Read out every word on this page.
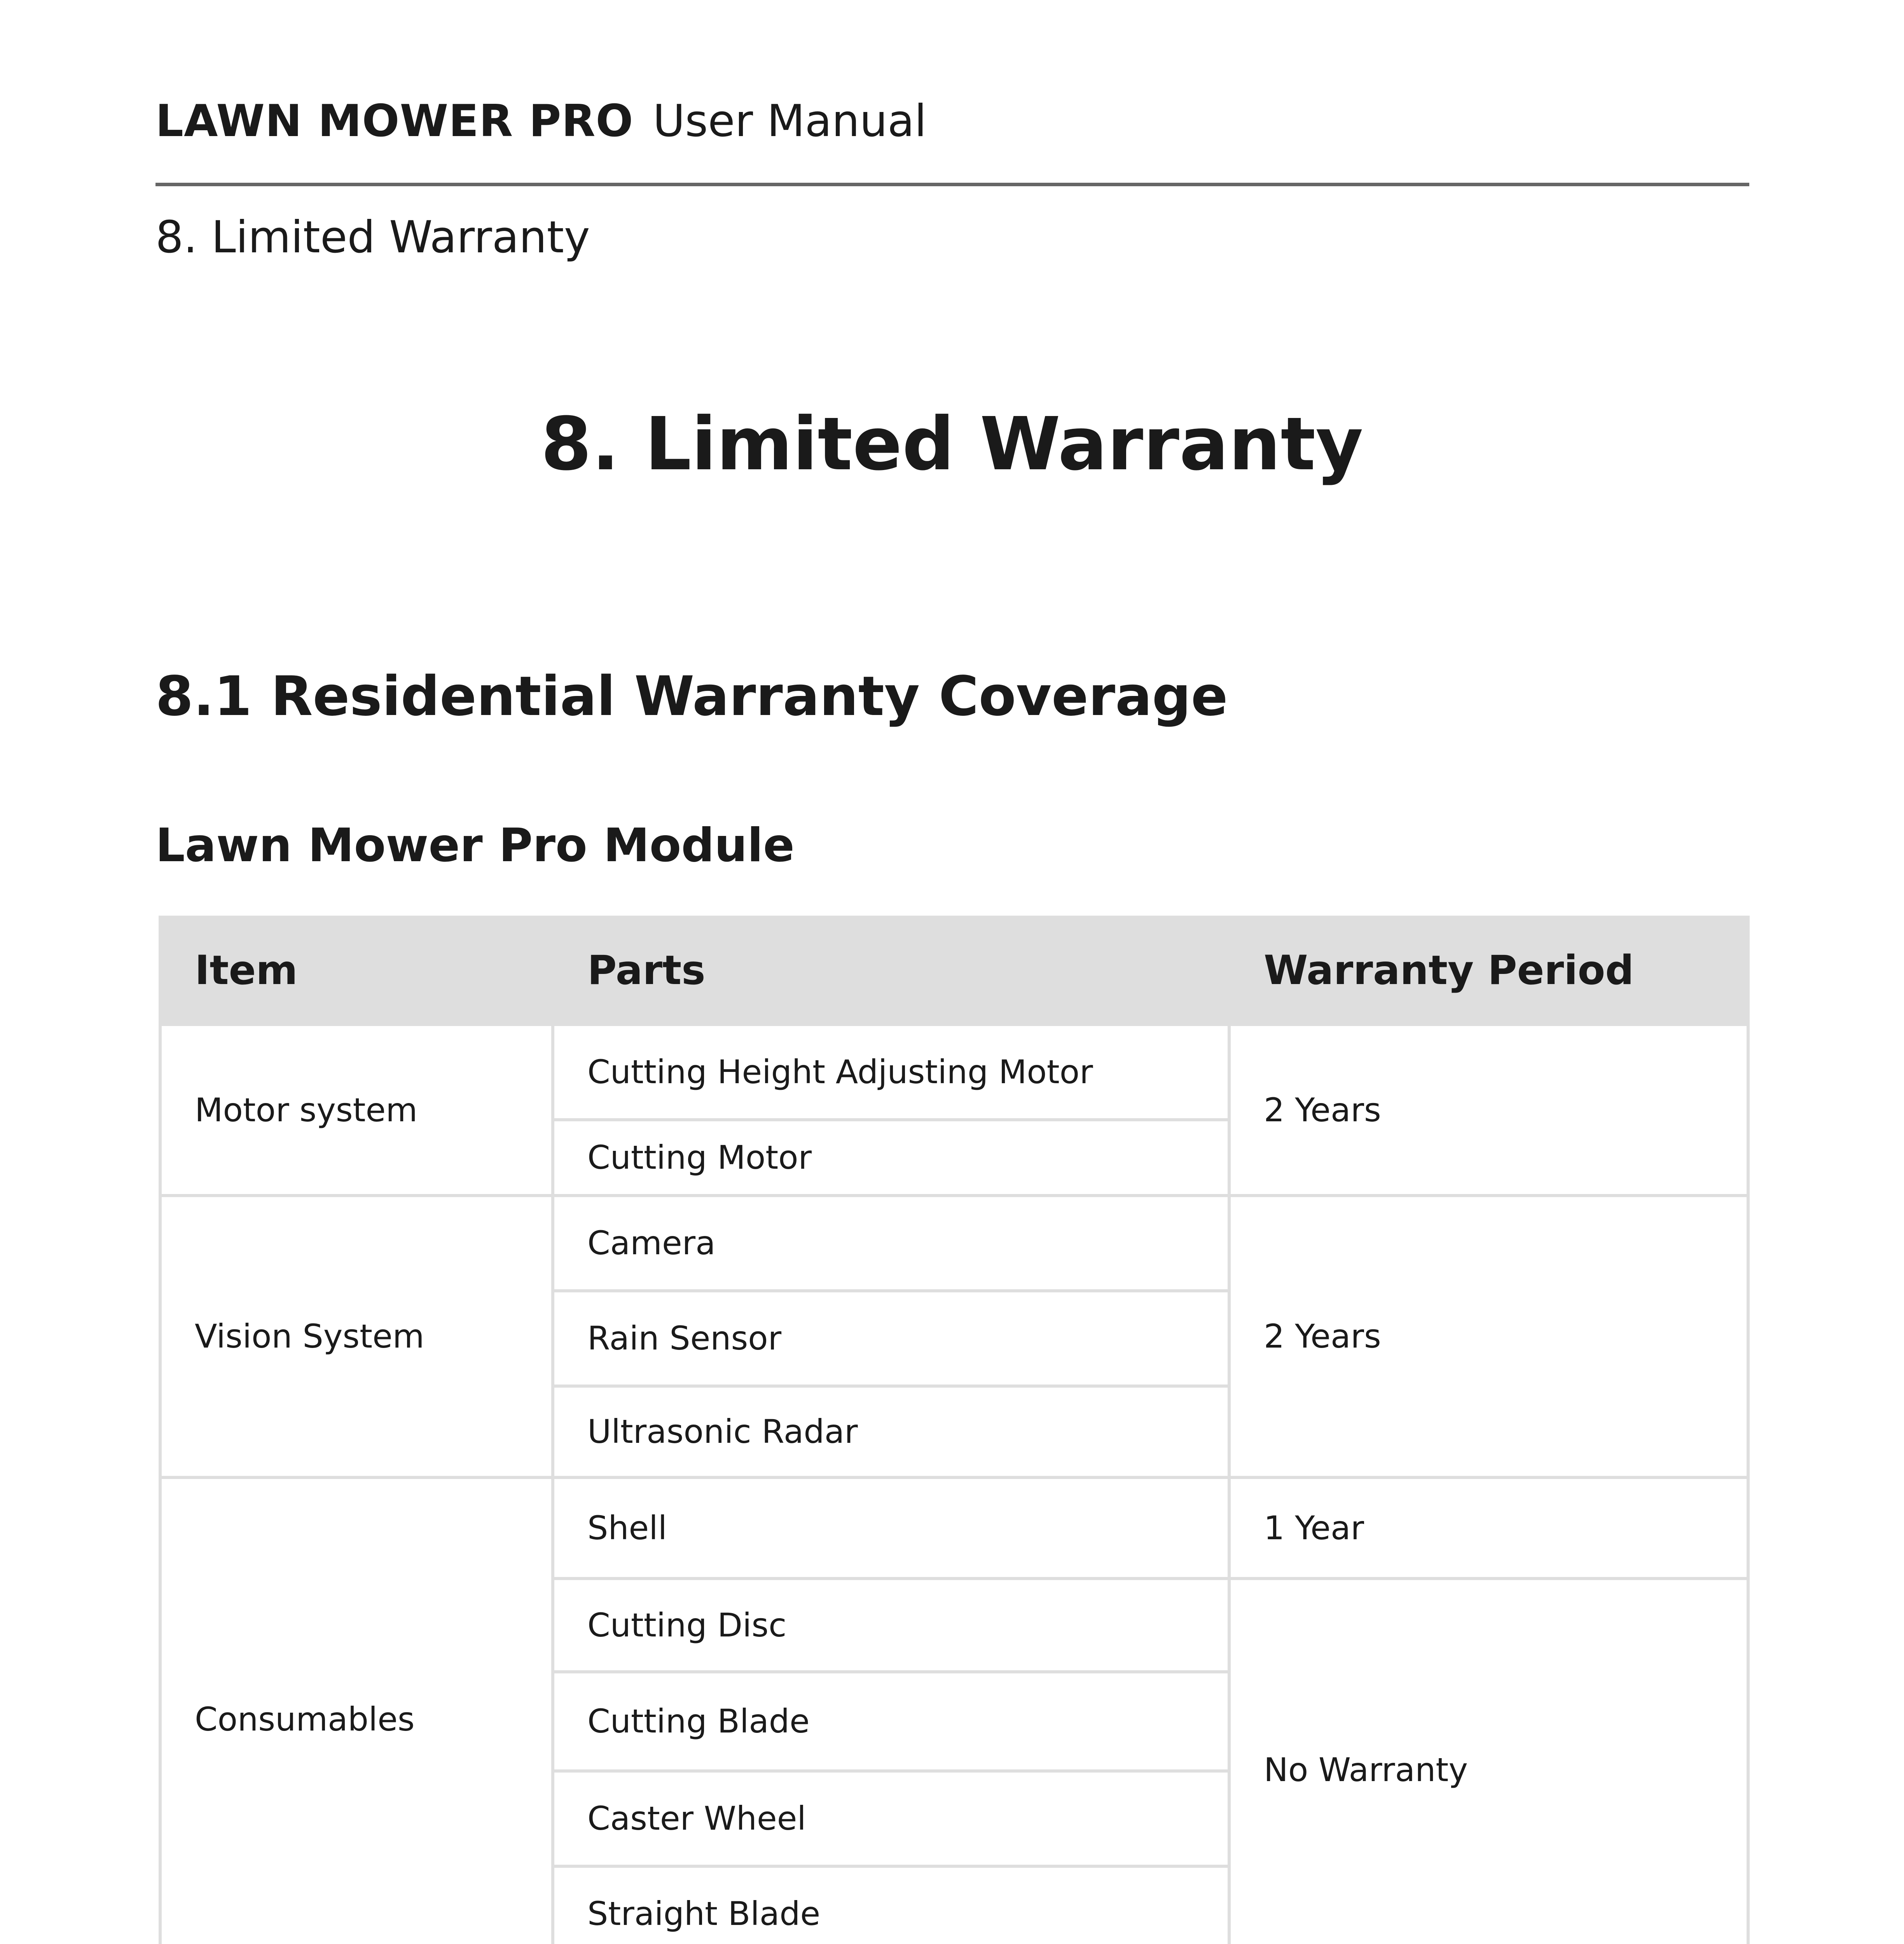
LAWN MOWER PRO User Manual
8. Limited Warranty
8. Limited Warranty
8.1 Residential Warranty Coverage
Lawn Mower Pro Module
Item	Parts	Warranty Period
Motor system	Cutting Height Adjusting Motor	2 Years
	Cutting Motor	
Vision System	Camera	2 Years
	Rain Sensor	
	Ultrasonic Radar	
Consumables	Shell	1 Year
	Cutting Disc	No Warranty
	Cutting Blade	
	Caster Wheel	
	Straight Blade	
